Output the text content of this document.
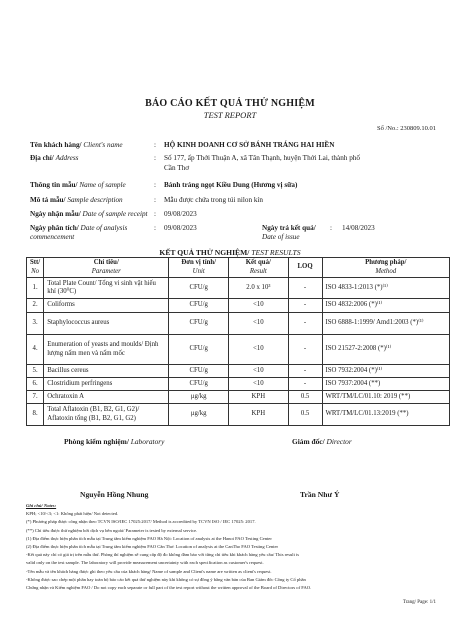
BÁO CÁO KẾT QUẢ THỬ NGHIỆM
TEST REPORT
Số /No.: 230809.10.01
Tên khách hàng/ Client's name	: HỘ KINH DOANH CƠ SỞ BÁNH TRÁNG HAI HIỀN
Địa chỉ/ Address	: Số 177, ấp Thới Thuận A, xã Tân Thạnh, huyện Thới Lai, thành phố
Cần Thơ
Thông tin mẫu/ Name of sample	: Bánh tráng ngọt Kiều Dung (Hương vị sữa)
Mô tả mẫu/ Sample description	: Mẫu được chứa trong túi nilon kín
Ngày nhận mẫu/ Date of sample receipt : 09/08/2023
Ngày phân tích/ Date of analysis
commencement
: 09/08/2023	Ngày trả kết quả/
Date of issue
: 14/08/2023
KẾT QUẢ THỬ NGHIỆM/ TEST RESULTS
Stt/
No	Chỉ tiêu/
Parameter	Đơn vị tính/
Unit	Kết quả/
Result	LOQ	Phương pháp/
Method
1.	Total Plate Count/ Tổng vi sinh vật hiếu khí (30⁰C)	CFU/g	2.0 x 10³	-	ISO 4833-1:2013 (*)⁽¹⁾
2.	Coliforms	CFU/g	<10	-	ISO 4832:2006 (*)⁽¹⁾
3.	Staphylococcus aureus	CFU/g	<10	-	ISO 6888-1:1999/ Amd1:2003 (*)⁽¹⁾
4.	Enumeration of yeasts and moulds/ Định lượng nấm men và nấm mốc	CFU/g	<10	-	ISO 21527-2:2008 (*)⁽¹⁾
5.	Bacillus cereus	CFU/g	<10	-	ISO 7932:2004 (*)⁽¹⁾
6.	Clostridium perfringens	CFU/g	<10	-	ISO 7937:2004 (**)
7.	Ochratoxin A	μg/kg	KPH	0.5	WRT/TM/LC/01.10: 2019 (**)
8.	Total Aflatoxin (B1, B2, G1, G2)/ Aflatoxin tổng (B1, B2, G1, G2)	μg/kg	KPH	0.5	WRT/TM/LC/01.13:2019 (**)
Phòng kiểm nghiệm/ Laboratory	Giám đốc/ Director
Nguyễn Hồng Nhung	Trần Như Ý
Ghi chú/ Notes:
KPH; <10/<3; <1: Không phát hiện/ Not detected.
(*) Phương pháp được công nhận theo TCVN ISO/IEC 17025:2017/ Method is accredited by TCVN ISO / IEC 17025: 2017.
(**) Chỉ tiêu được thử nghiệm bởi dịch vụ bên ngoài/ Parameter is tested by external service.
(1) Địa điểm thực hiện phân tích mẫu tại Trung tâm kiểm nghiệm FAO Hà Nội: Location of analysis at the Hanoi FAO Testing Center
(2) Địa điểm thực hiện phân tích mẫu tại Trung tâm kiểm nghiệm FAO Cần Thơ: Location of analysis at the CanTho FAO Testing Center
-Kết quả này chỉ có giá trị trên mẫu thử. Phòng thí nghiệm sẽ cung cấp độ đo không đảm bảo với từng chỉ tiêu khi khách hàng yêu cầu/ This result is
valid only on the test sample. The laboratory will provide measurement uncertainty with each specification as customer's request.
-Tên mẫu và tên khách hàng được ghi theo yêu cầu của khách hàng/ Name of sample and Client's name are written as client's request.
-Không được sao chép một phần hay toàn bộ báo cáo kết quả thử nghiệm này khi không có sự đồng ý bằng văn bản của Ban Giám đốc Công ty Cổ phần
Chứng nhận và Kiểm nghiệm FAO / Do not copy each separate or full part of the test report without the written approval of the Board of Directors of FAO.
Trang/ Page: 1/1
